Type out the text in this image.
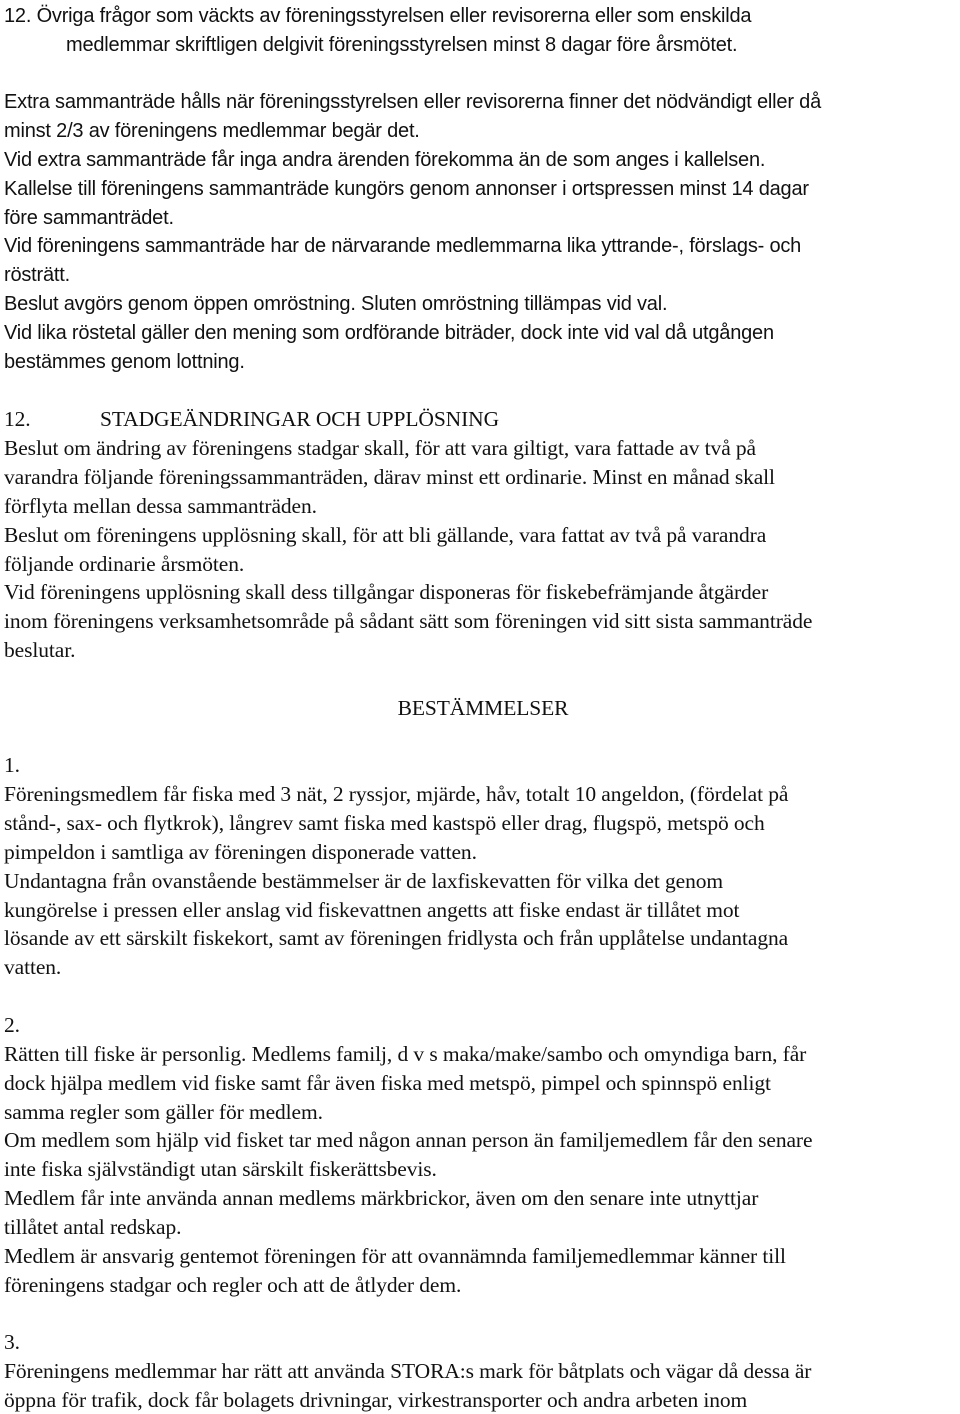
12. Övriga frågor som väckts av föreningsstyrelsen eller revisorerna eller som enskilda
medlemmar skriftligen delgivit föreningsstyrelsen minst 8 dagar före årsmötet.
Extra sammanträde hålls när föreningsstyrelsen eller revisorerna finner det nödvändigt eller då
minst 2/3 av föreningens medlemmar begär det.
Vid extra sammanträde får inga andra ärenden förekomma än de som anges i kallelsen.
Kallelse till föreningens sammanträde kungörs genom annonser i ortspressen minst 14 dagar
före sammanträdet.
Vid föreningens sammanträde har de närvarande medlemmarna lika yttrande-, förslags- och
rösträtt.
Beslut avgörs genom öppen omröstning. Sluten omröstning tillämpas vid val.
Vid lika röstetal gäller den mening som ordförande biträder, dock inte vid val då utgången
bestämmes genom lottning.
12.	STADGEÄNDRINGAR OCH UPPLÖSNING
Beslut om ändring av föreningens stadgar skall, för att vara giltigt, vara fattade av två på
varandra följande föreningssammanträden, därav minst ett ordinarie. Minst en månad skall
förflyta mellan dessa sammanträden.
Beslut om föreningens upplösning skall, för att bli gällande, vara fattat av två på varandra
följande ordinarie årsmöten.
Vid föreningens upplösning skall dess tillgångar disponeras för fiskebefrämjande åtgärder
inom föreningens verksamhetsområde på sådant sätt som föreningen vid sitt sista sammanträde
beslutar.
BESTÄMMELSER
1.
Föreningsmedlem får fiska med 3 nät, 2 ryssjor, mjärde, håv, totalt 10 angeldon, (fördelat på
stånd-, sax- och flytkrok), långrev samt fiska med kastspö eller drag, flugspö, metspö och
pimpeldon i samtliga av föreningen disponerade vatten.
Undantagna från ovanstående bestämmelser är de laxfiskevatten för vilka det genom
kungörelse i pressen eller anslag vid fiskevattnen angetts att fiske endast är tillåtet mot
lösande av ett särskilt fiskekort, samt av föreningen fridlysta och från upplåtelse undantagna
vatten.
2.
Rätten till fiske är personlig. Medlems familj, d v s maka/make/sambo och omyndiga barn, får
dock hjälpa medlem vid fiske samt får även fiska med metspö, pimpel och spinnspö enligt
samma regler som gäller för medlem.
Om medlem som hjälp vid fisket tar med någon annan person än familjemedlem får den senare
inte fiska självständigt utan särskilt fiskerättsbevis.
Medlem får inte använda annan medlems märkbrickor, även om den senare inte utnyttjar
tillåtet antal redskap.
Medlem är ansvarig gentemot föreningen för att ovannämnda familjemedlemmar känner till
föreningens stadgar och regler och att de åtlyder dem.
3.
Föreningens medlemmar har rätt att använda STORA:s mark för båtplats och vägar då dessa är
öppna för trafik, dock får bolagets drivningar, virkestransporter och andra arbeten inom
